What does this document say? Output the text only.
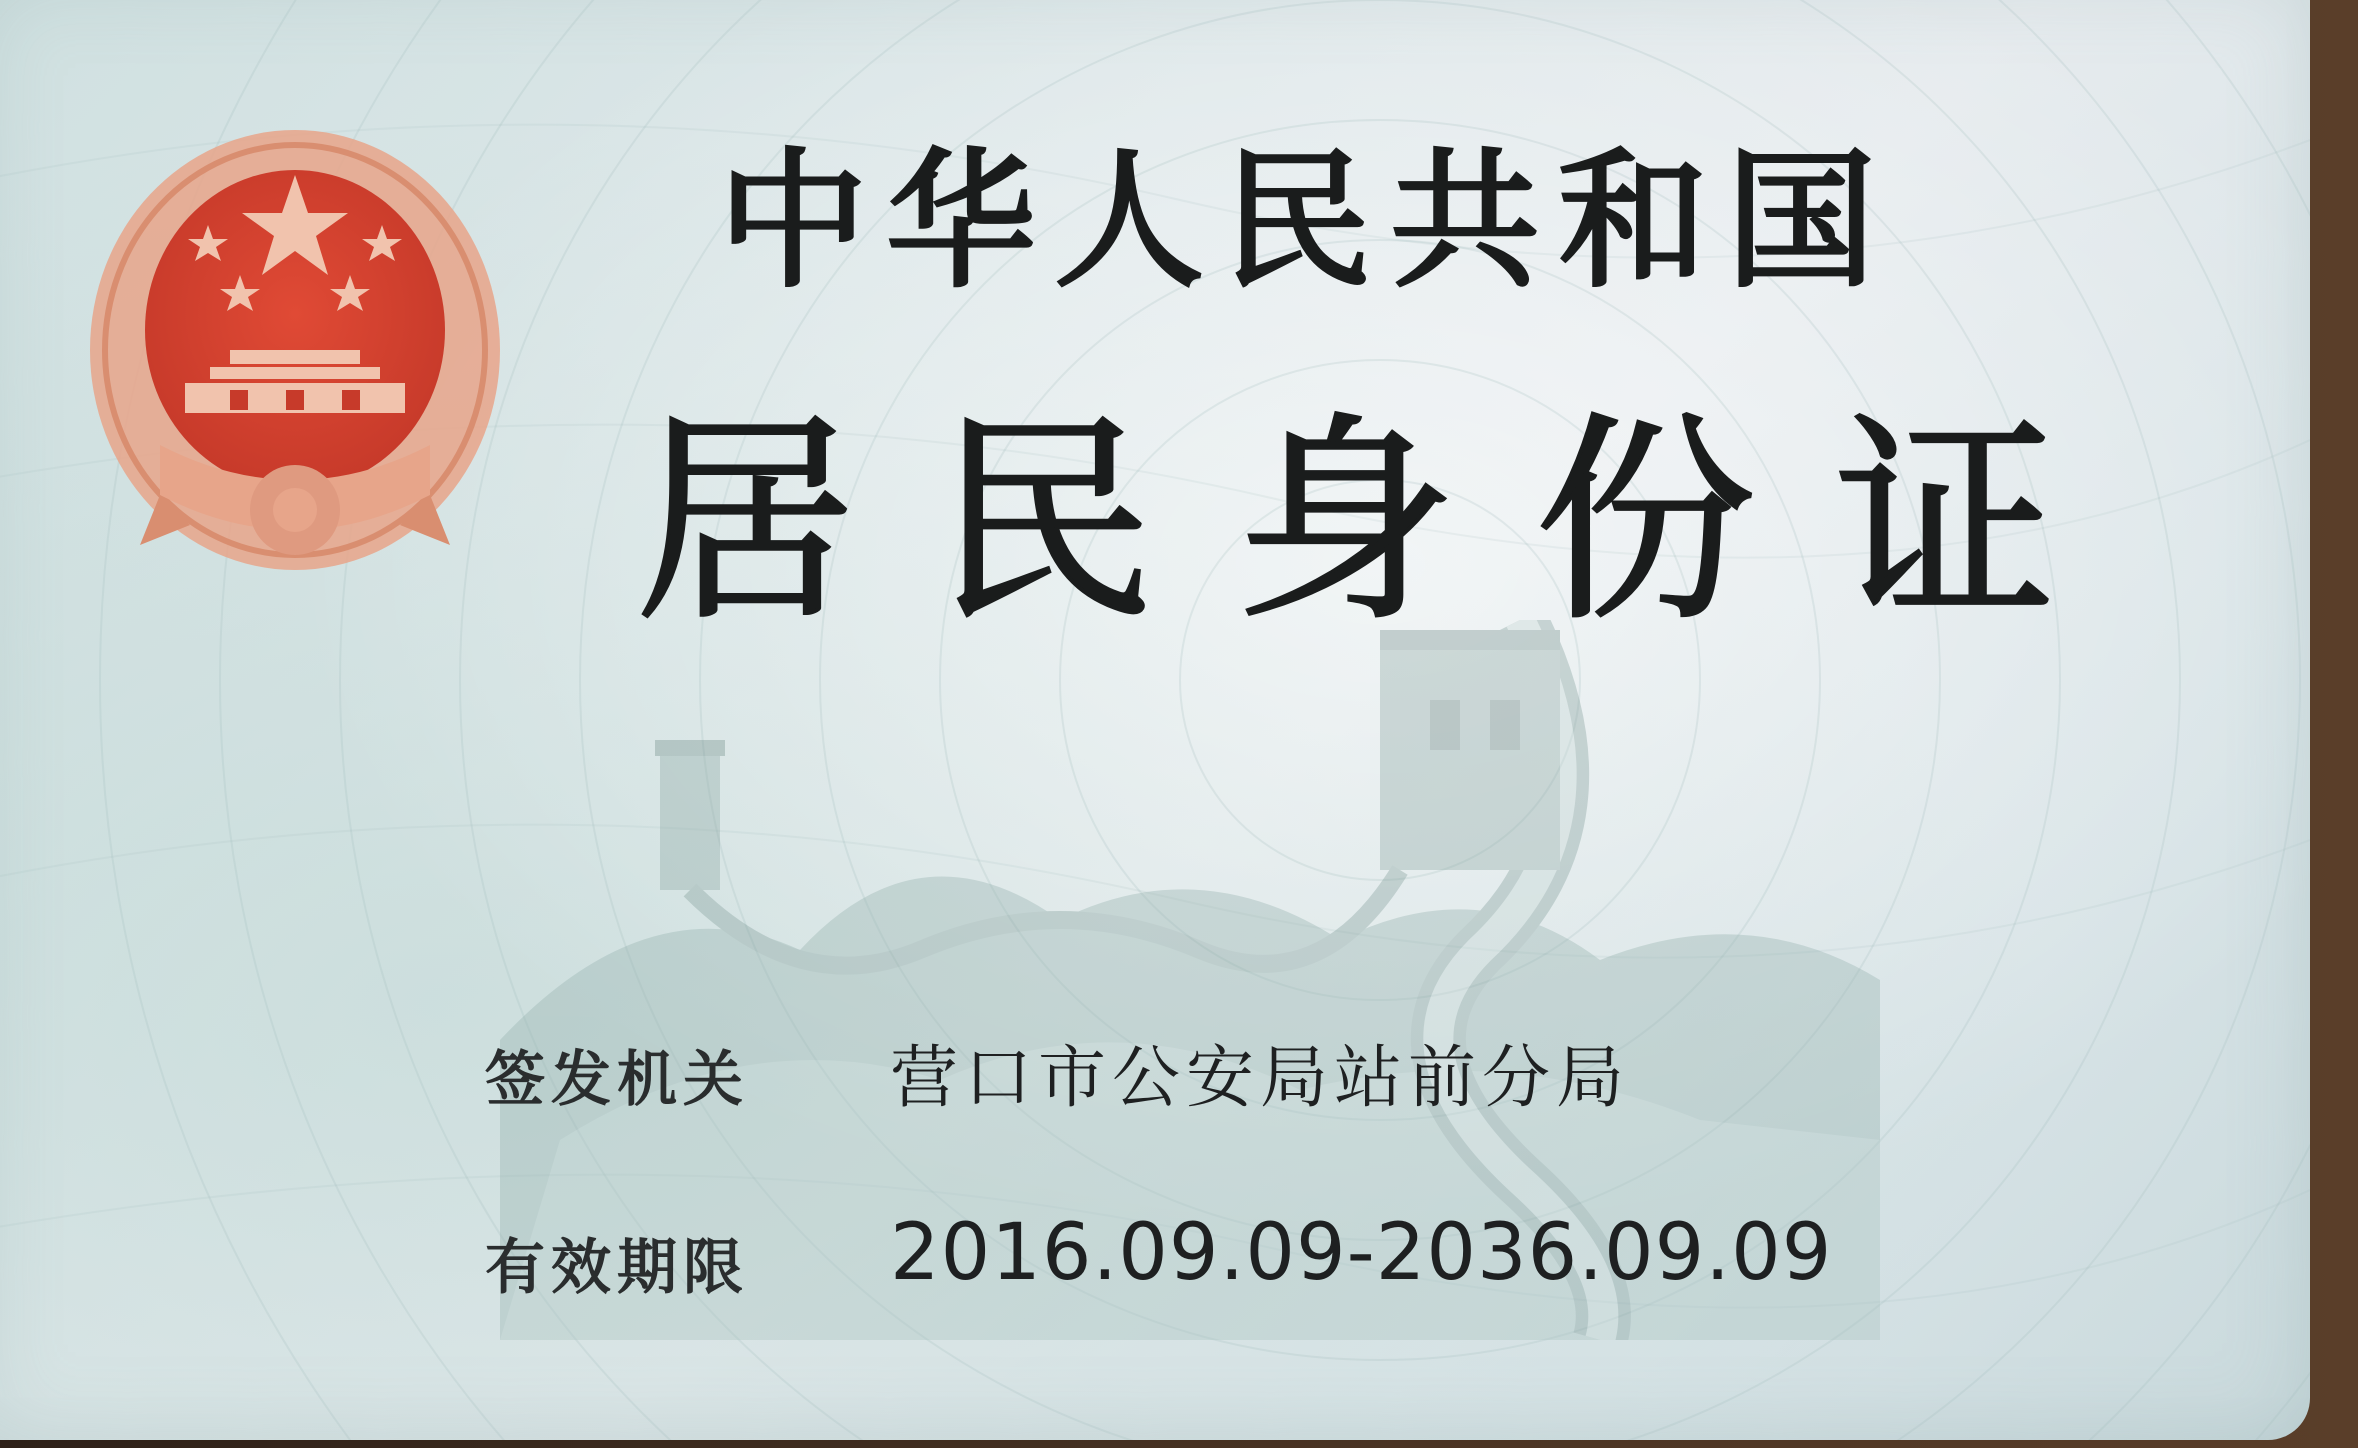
中华人民共和国
居民身份证
签发机关 营口市公安局站前分局
有效期限 2016.09.09-2036.09.09
